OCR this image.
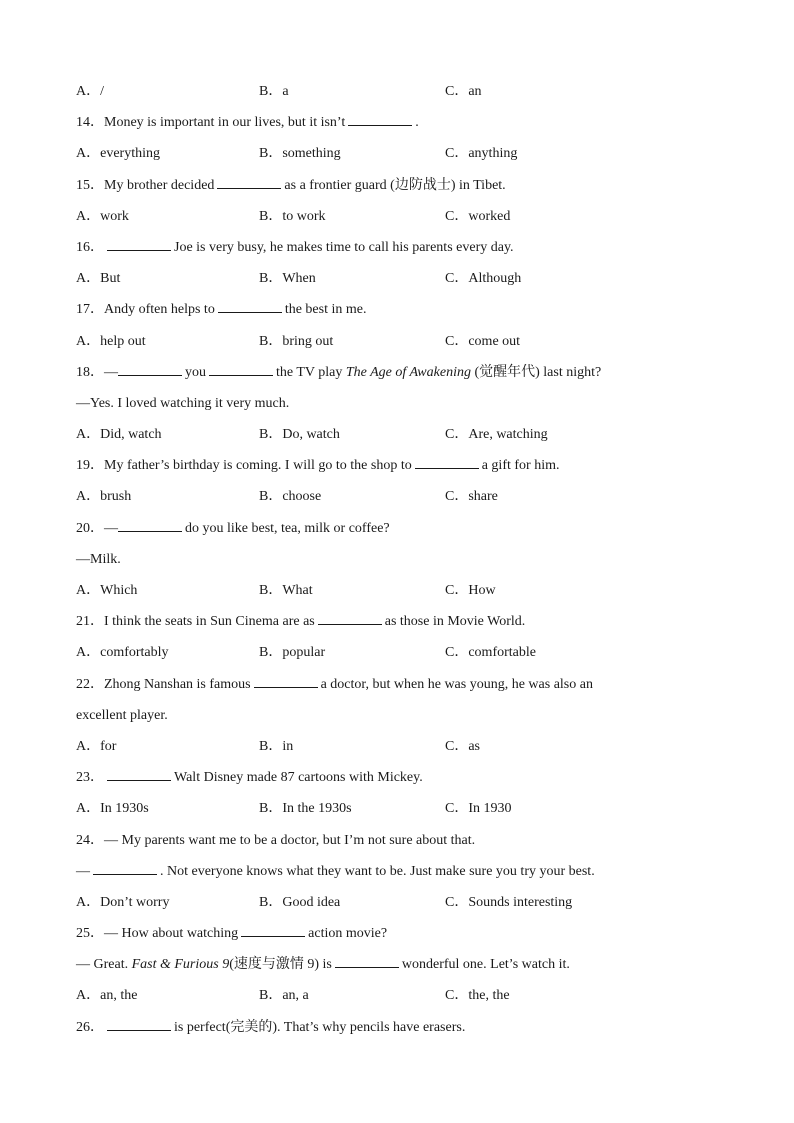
A．/	B．a	C．an
14．Money is important in our lives, but it isn’t	.
A．everything	B．something	C．anything
15．My brother decided	as a frontier guard (边防战士) in Tibet.
A．work	B．to work	C．worked
16．	Joe is very busy, he makes time to call his parents every day.
A．But	B．When	C．Although
17．Andy often helps to	the best in me.
A．help out	B．bring out	C．come out
18．—	you	the TV play The Age of Awakening (觉醒年代) last night?
—Yes. I loved watching it very much.
A．Did, watch	B．Do, watch	C．Are, watching
19．My father’s birthday is coming. I will go to the shop to	a gift for him.
A．brush	B．choose	C．share
20．—	do you like best, tea, milk or coffee?
—Milk.
A．Which	B．What	C．How
21．I think the seats in Sun Cinema are as	as those in Movie World.
A．comfortably	B．popular	C．comfortable
22．Zhong Nanshan is famous	a doctor, but when he was young, he was also an
excellent player.
A．for	B．in	C．as
23．	Walt Disney made 87 cartoons with Mickey.
A．In 1930s	B．In the 1930s	C．In 1930
24．— My parents want me to be a doctor, but I’m not sure about that.
—	. Not everyone knows what they want to be. Just make sure you try your best.
A．Don’t worry	B．Good idea	C．Sounds interesting
25．— How about watching	action movie?
— Great. Fast & Furious 9(速度与激情 9) is	wonderful one. Let’s watch it.
A．an, the	B．an, a	C．the, the
26．	is perfect(完美的). That’s why pencils have erasers.
